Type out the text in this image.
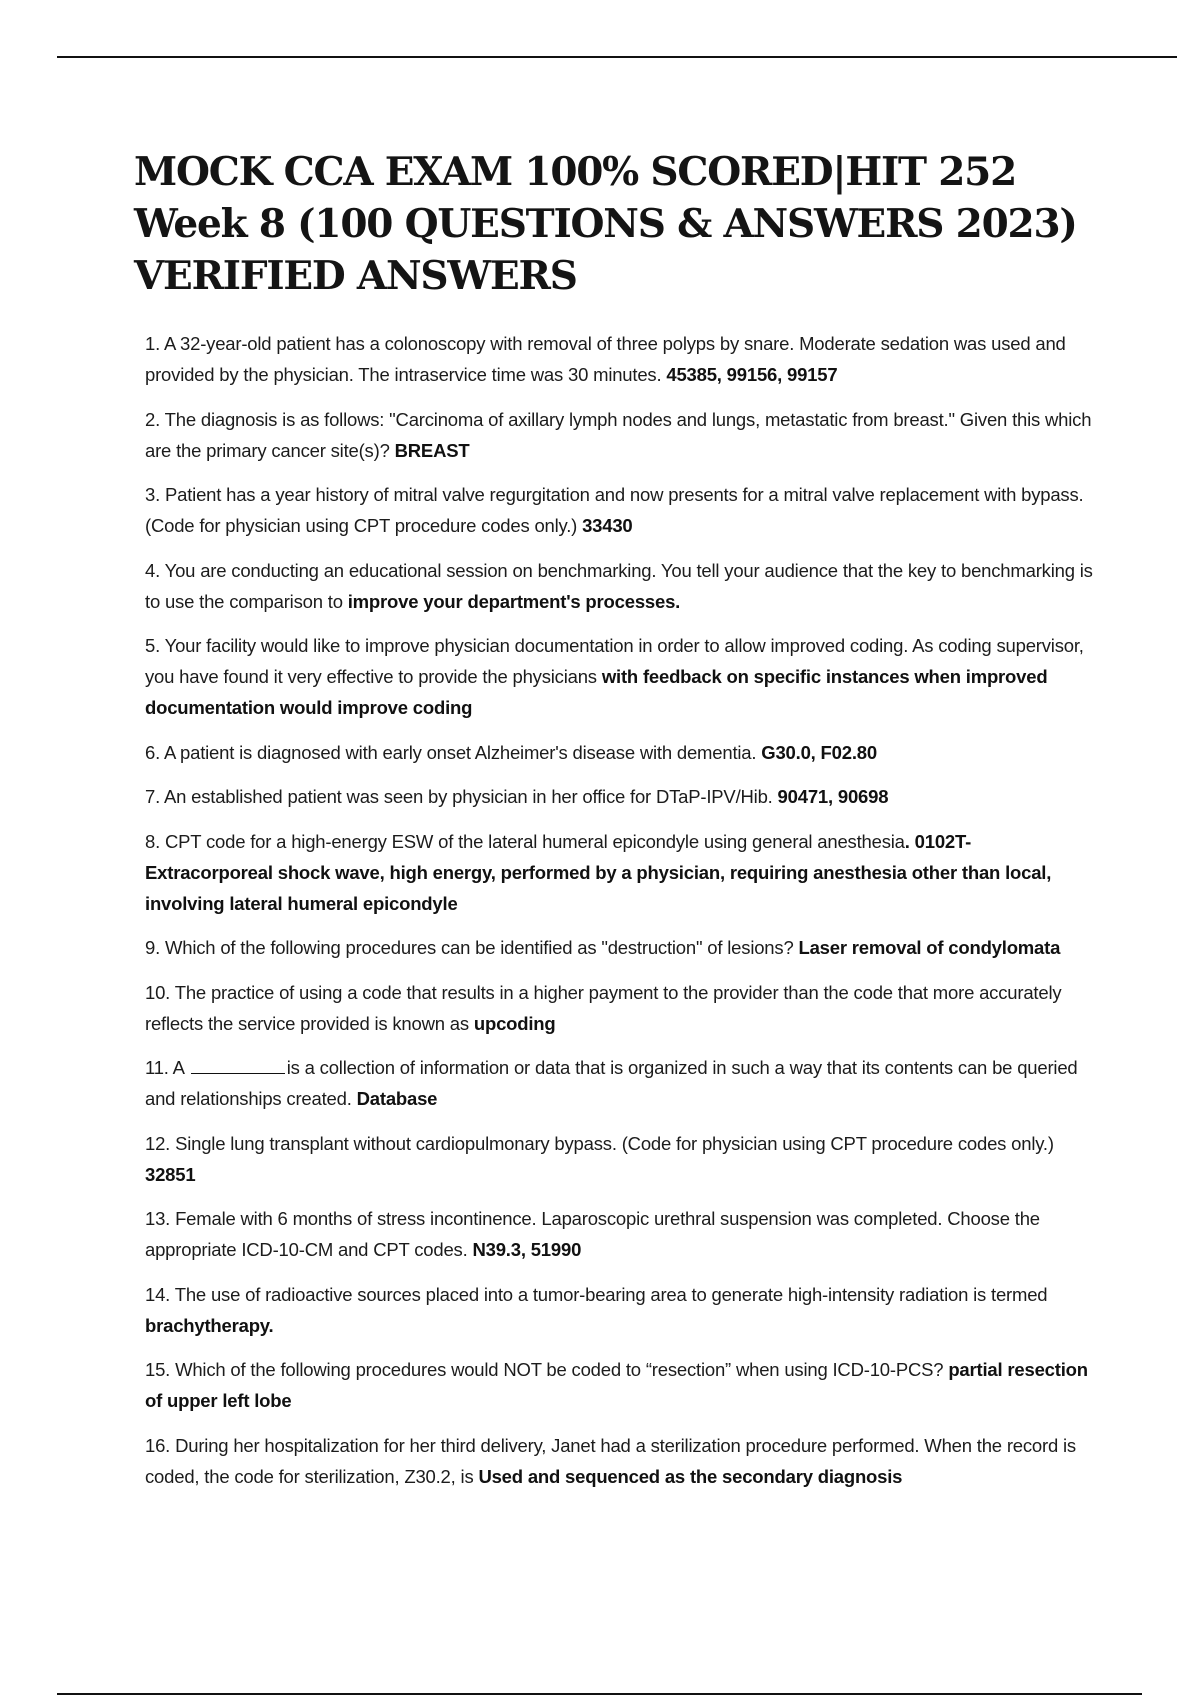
MOCK CCA EXAM 100% SCORED|HIT 252 Week 8 (100 QUESTIONS & ANSWERS 2023) VERIFIED ANSWERS

1. A 32-year-old patient has a colonoscopy with removal of three polyps by snare. Moderate sedation was used and provided by the physician. The intraservice time was 30 minutes. 45385, 99156, 99157

2. The diagnosis is as follows: "Carcinoma of axillary lymph nodes and lungs, metastatic from breast." Given this which are the primary cancer site(s)? BREAST

3. Patient has a year history of mitral valve regurgitation and now presents for a mitral valve replacement with bypass. (Code for physician using CPT procedure codes only.) 33430

4. You are conducting an educational session on benchmarking. You tell your audience that the key to benchmarking is to use the comparison to improve your department's processes.

5. Your facility would like to improve physician documentation in order to allow improved coding. As coding supervisor, you have found it very effective to provide the physicians with feedback on specific instances when improved documentation would improve coding

6. A patient is diagnosed with early onset Alzheimer's disease with dementia. G30.0, F02.80

7. An established patient was seen by physician in her office for DTaP-IPV/Hib. 90471, 90698

8. CPT code for a high-energy ESW of the lateral humeral epicondyle using general anesthesia. 0102T- Extracorporeal shock wave, high energy, performed by a physician, requiring anesthesia other than local, involving lateral humeral epicondyle

9. Which of the following procedures can be identified as "destruction" of lesions? Laser removal of condylomata

10. The practice of using a code that results in a higher payment to the provider than the code that more accurately reflects the service provided is known as upcoding

11. A	is a collection of information or data that is organized in such a way that its contents can be queried and relationships created. Database

12. Single lung transplant without cardiopulmonary bypass. (Code for physician using CPT procedure codes only.) 32851

13. Female with 6 months of stress incontinence. Laparoscopic urethral suspension was completed. Choose the appropriate ICD-10-CM and CPT codes. N39.3, 51990

14. The use of radioactive sources placed into a tumor-bearing area to generate high-intensity radiation is termed brachytherapy.

15. Which of the following procedures would NOT be coded to “resection” when using ICD-10-PCS? partial resection of upper left lobe

16. During her hospitalization for her third delivery, Janet had a sterilization procedure performed. When the record is coded, the code for sterilization, Z30.2, is Used and sequenced as the secondary diagnosis
